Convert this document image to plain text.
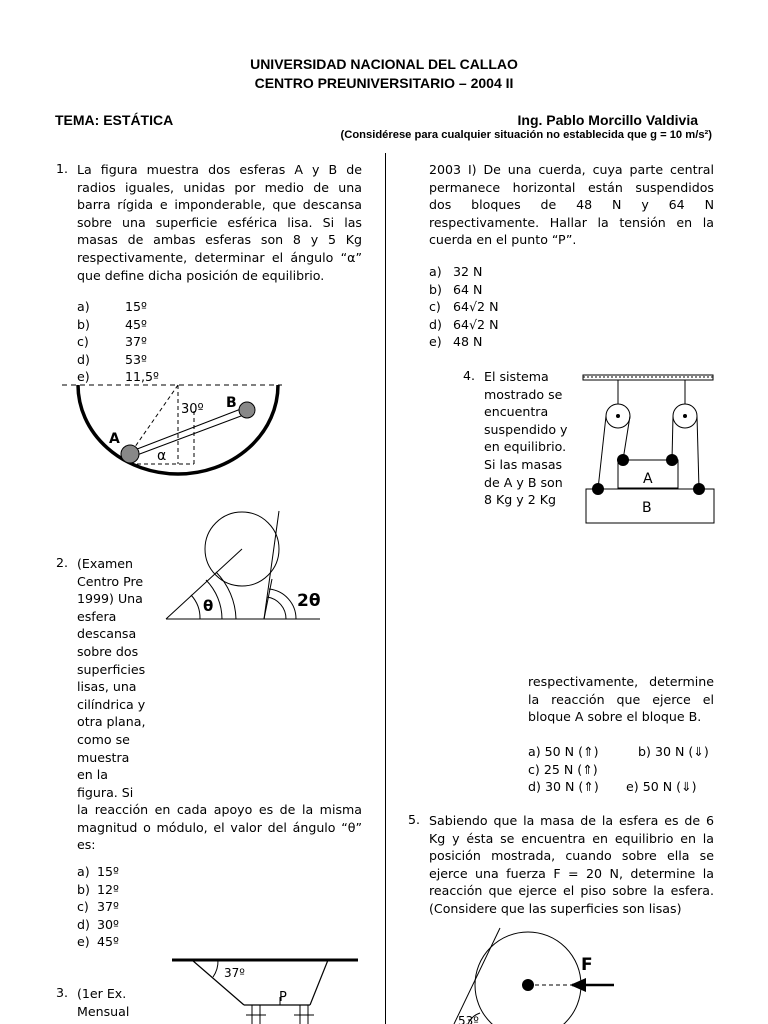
UNIVERSIDAD NACIONAL DEL CALLAO
CENTRO PREUNIVERSITARIO – 2004 II
TEMA: ESTÁTICA	Ing. Pablo Morcillo Valdivia
(Considérese para cualquier situación no establecida que g = 10 m/s²)
1. La figura muestra dos esferas A y B de radios iguales, unidas por medio de una barra rígida e imponderable, que descansa sobre una superficie esférica lisa. Si las masas de ambas esferas son 8 y 5 Kg respectivamente, determinar el ángulo “α” que define dicha posición de equilibrio.
a)	15º
b)	45º
c)	37º
d)	53º
e)	11,5º
30º
A
B
α
2. (Examen
Centro Pre
1999) Una
esfera
descansa
sobre dos
superficies
lisas, una
cilíndrica y
otra plana,
como se
muestra
en la
figura. Si
la reacción en cada apoyo es de la misma magnitud o módulo, el valor del ángulo “θ” es:
a) 15º
b) 12º
c) 37º
d) 30º
e) 45º
θ	2θ
3. (1er Ex.
Mensual
37º
P
2003 I) De una cuerda, cuya parte central permanece horizontal están suspendidos dos bloques de 48 N y 64 N respectivamente. Hallar la tensión en la cuerda en el punto “P”.
a) 32 N
b) 64 N
c) 64√2 N
d) 64√2 N
e) 48 N
4. El sistema
mostrado se
encuentra
suspendido y
en equilibrio.
Si las masas
de A y B son
8 Kg y 2 Kg
A
B
respectivamente, determine la reacción que ejerce el bloque A sobre el bloque B.
a) 50 N (⇑)	b) 30 N (⇓)
c) 25 N (⇑)
d) 30 N (⇑) e) 50 N (⇓)
5. Sabiendo que la masa de la esfera es de 6 Kg y ésta se encuentra en equilibrio en la posición mostrada, cuando sobre ella se ejerce una fuerza F = 20 N, determine la reacción que ejerce el piso sobre la esfera. (Considere que las superficies son lisas)
F
53º
